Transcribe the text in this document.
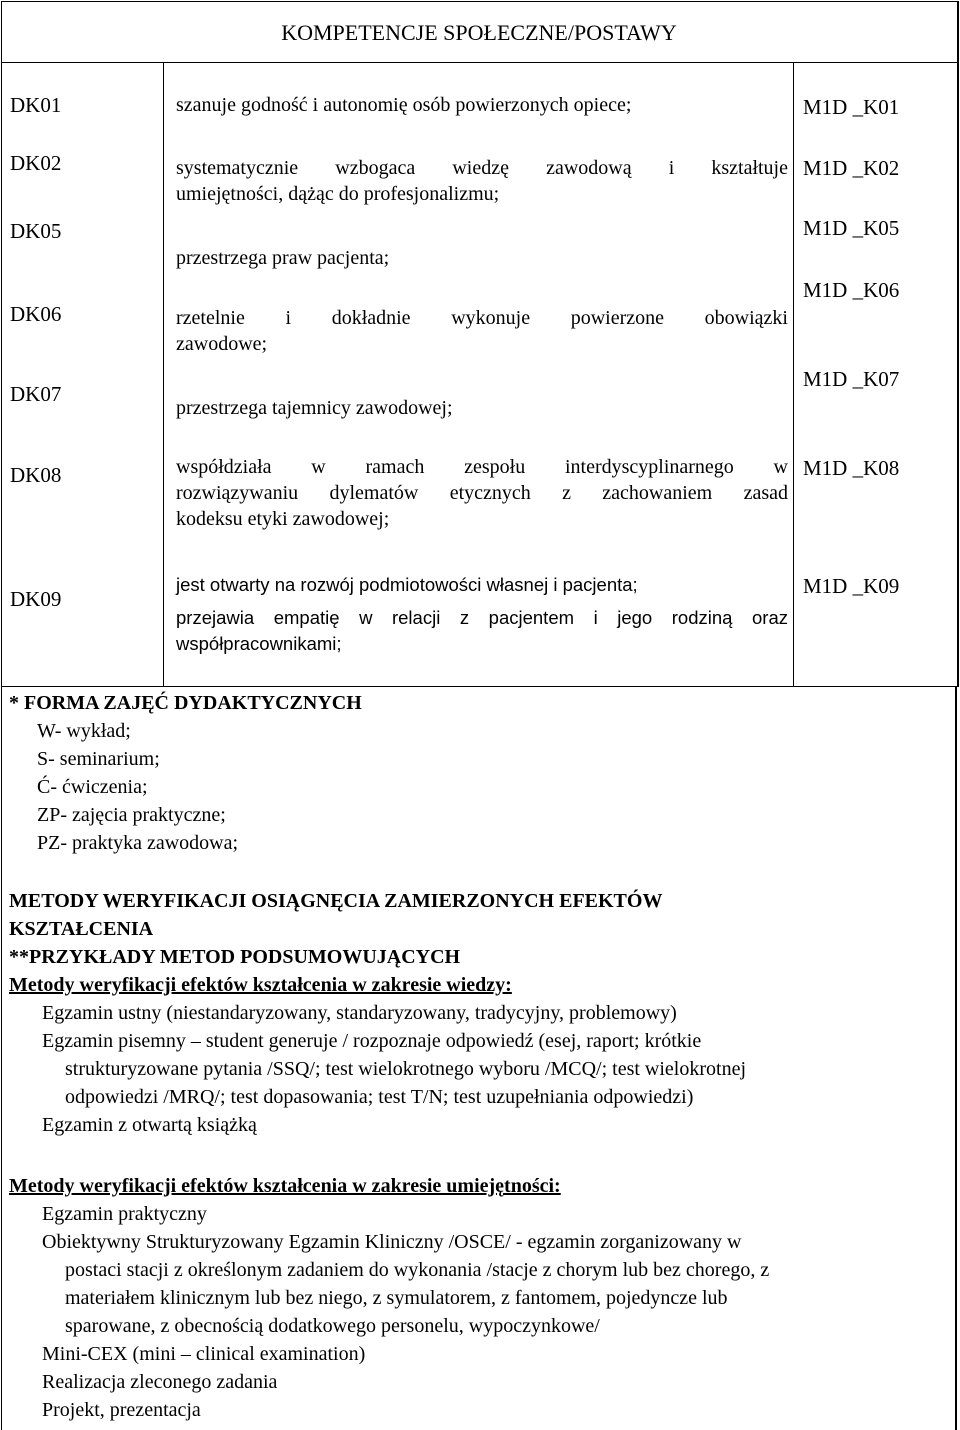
KOMPETENCJE SPOŁECZNE/POSTAWY
DK01
DK02
DK05
DK06
DK07
DK08
DK09
szanuje godność i autonomię osób powierzonych opiece;
systematycznie wzbogaca wiedzę zawodową i kształtuje
umiejętności, dążąc do profesjonalizmu;
przestrzega praw pacjenta;
rzetelnie i dokładnie wykonuje powierzone obowiązki
zawodowe;
przestrzega tajemnicy zawodowej;
współdziała w ramach zespołu interdyscyplinarnego w
rozwiązywaniu dylematów etycznych z zachowaniem zasad
kodeksu etyki zawodowej;
jest otwarty na rozwój podmiotowości własnej i pacjenta;
przejawia empatię w relacji z pacjentem i jego rodziną oraz
współpracownikami;
M1D _K01
M1D _K02
M1D _K05
M1D _K06
M1D _K07
M1D _K08
M1D _K09
* FORMA ZAJĘĆ DYDAKTYCZNYCH
W- wykład;
S- seminarium;
Ć- ćwiczenia;
ZP- zajęcia praktyczne;
PZ- praktyka zawodowa;
METODY WERYFIKACJI OSIĄGNĘCIA ZAMIERZONYCH EFEKTÓW
KSZTAŁCENIA
**PRZYKŁADY METOD PODSUMOWUJĄCYCH
Metody weryfikacji efektów kształcenia w zakresie wiedzy:
Egzamin ustny (niestandaryzowany, standaryzowany, tradycyjny, problemowy)
Egzamin pisemny – student generuje / rozpoznaje odpowiedź (esej, raport; krótkie
strukturyzowane pytania /SSQ/; test wielokrotnego wyboru /MCQ/; test wielokrotnej
odpowiedzi /MRQ/; test dopasowania; test T/N; test uzupełniania odpowiedzi)
Egzamin z otwartą książką
Metody weryfikacji efektów kształcenia w zakresie umiejętności:
Egzamin praktyczny
Obiektywny Strukturyzowany Egzamin Kliniczny /OSCE/ - egzamin zorganizowany w
postaci stacji z określonym zadaniem do wykonania /stacje z chorym lub bez chorego, z
materiałem klinicznym lub bez niego, z symulatorem, z fantomem, pojedyncze lub
sparowane, z obecnością dodatkowego personelu, wypoczynkowe/
Mini-CEX (mini – clinical examination)
Realizacja zleconego zadania
Projekt, prezentacja
